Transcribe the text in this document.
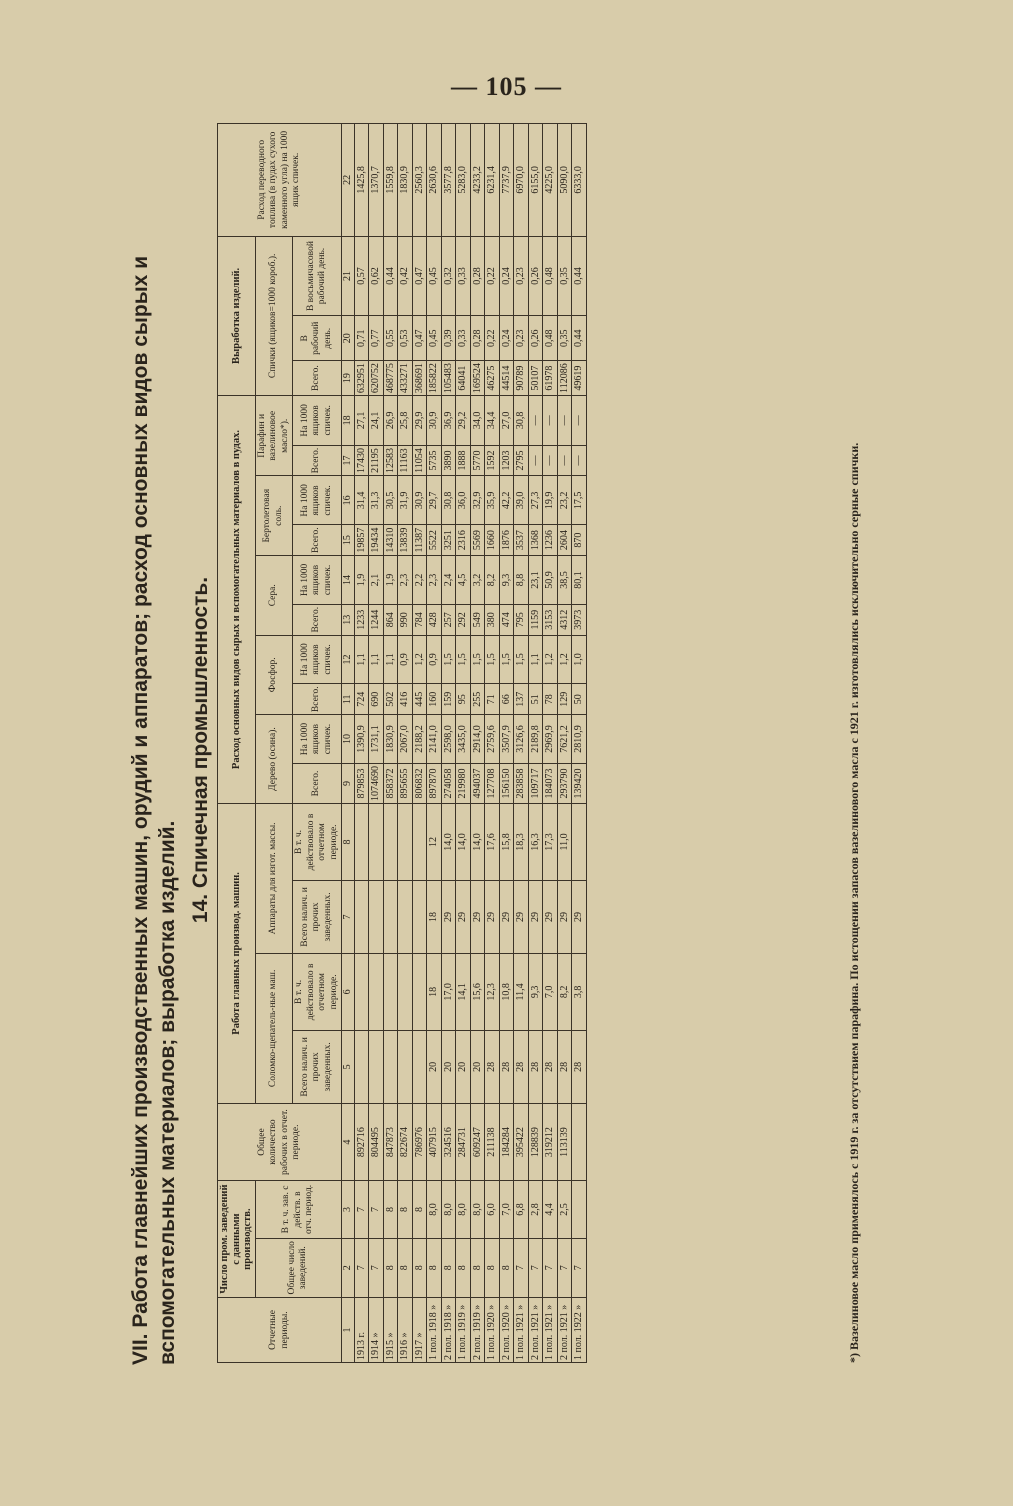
— 105 —
VII. Работа главнейших производственных машин, орудий и аппаратов; расход основных видов сырых и вспомогательных материалов; выработка изделий.
14. Спичечная промышленность.
Отчетные периоды.	Число пром. заведений с данными производств.		Общее количество рабочих в отчет. периоде.	Работа главных производ. машин.				Расход основных видов сырых и вспомогательных материалов в пудах.										Выработка изделий.			Расход переводного топлива (в пудах сухого каменного угла) на 1000 ящик спичек.
	Общее число заведений.	В т. ч. зав. с действ. в отч. период.		Соломко-щепатель-ные маш.		Аппараты для изгот. массы.		Дерево (осина).		Фосфор.		Сера.		Бертолетовая соль.		Парафин и вазелиновое масло*).		Спички (ящиков=1000 короб.).			
				Всего налич. и прочих заведенных.	В т. ч. действовало в отчетном периоде.	Всего налич. и прочих заведенных.	В т. ч. действовало в отчетном периоде.	Всего.	На 1000 ящиков спичек.	Всего.	На 1000 ящиков спичек.	Всего.	На 1000 ящиков спичек.	Всего.	На 1000 ящиков спичек.	Всего.	На 1000 ящиков спичек.	Всего.	В рабочий день.	В восьмичасовой рабочий день.	
1	2	3	4	5	6	7	8	9	10	11	12	13	14	15	16	17	18	19	20	21	22
1913 г.	7	7	892716					879853	1390,9	724	1,1	1233	1,9	19857	31,4	17430	27,1	632951	0,71	0,57	1425,8
1914 »	7	7	804495					1074690	1731,1	690	1,1	1244	2,1	19434	31,3	21195	24,1	620752	0,77	0,62	1370,7
1915 »	8	8	847873					858372	1830,9	502	1,1	864	1,9	14310	30,5	12583	26,9	468775	0,55	0,44	1559,8
1916 »	8	8	822674					895655	2067,0	416	0,9	990	2,3	13839	31,9	11163	25,8	433271	0,53	0,42	1830,9
1917 »	8	8	786976					806832	2188,2	445	1,2	784	2,2	11387	30,9	11054	29,9	368691	0,47	0,47	2560,3
1 пол. 1918 »	8	8,0	407915	20	18	18	12	897870	2141,0	160	0,9	428	2,3	5522	29,7	5735	30,9	185822	0,45	0,45	2630,6
2 пол. 1918 »	8	8,0	324516	20	17,0	29	14,0	274058	2598,0	159	1,5	257	2,4	3251	30,8	3890	36,9	105483	0,39	0,32	3577,8
1 пол. 1919 »	8	8,0	284731	20	14,1	29	14,0	219980	3435,0	95	1,5	292	4,5	2316	36,0	1888	29,2	64041	0,33	0,33	5283,0
2 пол. 1919 »	8	8,0	609247	20	15,6	29	14,0	494037	2914,0	255	1,5	549	3,2	5569	32,9	5770	34,0	169524	0,28	0,28	4233,2
1 пол. 1920 »	8	6,0	211138	28	12,3	29	17,6	127708	2759,6	71	1,5	380	8,2	1660	35,9	1592	34,4	46275	0,22	0,22	6231,4
2 пол. 1920 »	8	7,0	184284	28	10,8	29	15,8	156150	3507,9	66	1,5	474	9,3	1876	42,2	1203	27,0	44514	0,24	0,24	7737,9
1 пол. 1921 »	7	6,8	395422	28	11,4	29	18,3	283858	3126,6	137	1,5	795	8,8	3537	39,0	2795	30,8	90789	0,23	0,23	6970,0
2 пол. 1921 »	7	2,8	128839	28	9,3	29	16,3	109717	2189,8	51	1,1	1159	23,1	1368	27,3	—	—	50107	0,26	0,26	6155,0
1 пол. 1921 »	7	4,4	319212	28	7,0	29	17,3	184073	2969,9	78	1,2	3153	50,9	1236	19,9	—	—	61978	0,48	0,48	4225,0
2 пол. 1921 »	7	2,5	113139	28	8,2	29	11,0	293790	7621,2	129	1,2	4312	38,5	2604	23,2	—	—	112086	0,35	0,35	5090,0
1 пол. 1922 »	7			28	3,8	29		139420	2810,9	50	1,0	3973	80,1	870	17,5	—	—	49619	0,44	0,44	6333,0
*) Вазелиновое масло применялось с 1919 г. за отсутствием парафина. По истощении запасов вазелинового масла с 1921 г. изготовлялись исключительно серные спички.
